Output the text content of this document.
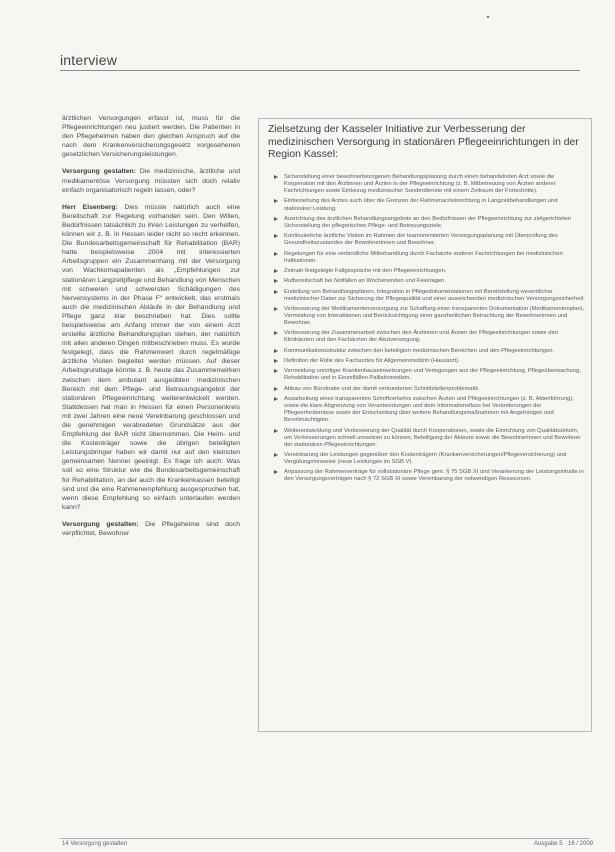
interview

ärztlichen Versorgungen erfasst ist, muss für die Pflegeeinrichtungen neu justiert werden. Die Patienten in den Pflegeheimen haben den gleichen Anspruch auf die nach dem Krankenversicherungsgesetz vorgesehenen gesetzlichen Versicherungsleistungen.

Versorgung gestalten: Die medizinische, ärztliche und medikamentöse Versorgung müssten sich doch relativ einfach organisatorisch regeln lassen, oder?

Herr Eisenberg: Dies müsste natürlich auch eine Bereitschaft zur Regelung vorhanden sein. Den Willen, Bedürfnissen tatsächlich zu ihren Leistungen zu verhelfen, können wir z. B. in Hessen leider nicht so recht erkennen. Die Bundesarbeitsgemeinschaft für Rehabilitation (BAR) hatte beispielsweise 2004 mit interessierten Arbeitsgruppen ein Zusammenhang mit der Versorgung von Wachkomapatienten als „Empfehlungen zur stationären Langzeitpflege und Behandlung von Menschen mit schweren und schwersten Schädigungen des Nervensystems in der Phase F“ entwickelt, das erstmals auch die medizinischen Abläufe in der Behandlung und Pflege ganz klar beschrieben hat. Dies sollte beispielsweise am Anfang immer der von einem Arzt erstellte ärztliche Behandlungsplan stehen, der natürlich mit allen anderen Dingen mitbeschrieben muss. Es wurde festgelegt, dass die Rahmenwert durch regelmäßige ärztliche Visiten begleitet werden müssen. Auf dieser Arbeitsgrundlage könnte z. B. heute das Zusammenwirken zwischen dem ambulant ausgeübten medizinischen Bereich mit dem Pflege- und Betreuungsangebot der stationären Pflegeeinrichtung weiterentwickelt werden. Stattdessen hat man in Hessen für einen Personenkreis mit zwei Jahren eine neue Vereinbarung geschlossen und die genehmigen verabredeten Grundsätze aus der Empfehlung der BAR nicht übernommen. Die Heim- und die Kostenträger sowie die übrigen beteiligten Leistungsbringer haben wir damit nur auf den kleinsten gemeinsamen Nenner geeinigt. Es frage ich auch: Was soll so eine Struktur wie die Bundesarbeitsgemeinschaft für Rehabilitation, an der auch die Krankenkassen beteiligt sind und die eine Rahmenempfehlung ausgesprochen hat, wenn diese Empfehlung so einfach unterlaufen werden kann?

Versorgung gestalten: Die Pflegeheime sind doch verpflichtet, Bewohner

Zielsetzung der Kasseler Initiative zur Verbesserung der medizinischen Versorgung in stationären Pflegeeinrichtungen in der Region Kassel:
Sicherstellung einer bewohnerbezogenen Behandlungsplanung durch einen behandelnden Arzt sowie die Kooperation mit den Ärztinnen und Ärzten in der Pflegeeinrichtung (z. B. Mitbetreuung von Ärzten anderer Fachrichtungen sowie Einbezug medizinischer Sonderdienste mit einem Zeitraum der Fortschritte).
Einbeziehung des Arztes auch über die Grenzen der Rahmenarzteinrichtung in Langzeitbehandlungen und stationärer Leistung.
Ausrichtung des ärztlichen Behandlungsangebots an den Bedürfnissen der Pflegeeinrichtung zur zielgerichteten Sicherstellung der pflegerischen Pflege- und Betreuungsziele.
Kontinuierliche ärztliche Visiten im Rahmen der teamorientierten Versorgungsplanung mit Überprüfung des Gesundheitszustandes der Bewohnerinnen und Bewohner.
Regelungen für eine verbindliche Mitbehandlung durch Fachärzte anderer Fachrichtungen bei medizinischen Indikationen.
Zeitnah festgelegte Fallgespräche mit den Pflegeeinrichtungen.
Rufbereitschaft bei Notfällen an Wochenenden und Feiertagen.
Erstellung von Behandlungsplänen, Integration in Pflegedokumentationen mit Bereitstellung wesentlicher medizinischer Daten zur Sicherung der Pflegequalität und einer ausreichenden medizinischen Versorgungssicherheit.
Verbesserung der Medikamentenversorgung zur Schaffung einer transparenten Dokumentation (Medikamentenplan), Vermeidung von Interaktionen und Berücksichtigung einer ganzheitlichen Betrachtung der Bewohnerinnen und Bewohner.
Verbesserung der Zusammenarbeit zwischen den Ärztinnen und Ärzten der Pflegeeinrichtungen sowie den Klinikärzten und den Fachärzten der Akutversorgung.
Kommunikationsstruktur zwischen den beteiligten medizinischen Bereichen und den Pflegeeinrichtungen.
Definition der Rolle des Facharztes für Allgemeinmedizin (Hausarzt).
Vermeidung unnötiger Krankenhauseinweisungen und Verlegungen aus der Pflegeeinrichtung, Pflegeüberwachung, Rehabilitation und in Einzelfällen Palliativmedizin.
Abbau von Bürokratie und der damit verbundenen Schnittstellenproblematik.
Ausarbeitung eines transparenten Schriftverkehrs zwischen Ärzten und Pflegeeinrichtungen (z. B. Aktenführung), sowie die klare Abgrenzung von Verantwortungen und dem Informationsfluss bei Veränderungen der Pflegeerfordernisse sowie der Entscheidung über weitere Behandlungsmaßnahmen mit Angehörigen und Bevollmächtigten.
Weiterentwicklung und Verbesserung der Qualität durch Kooperationen, sowie die Einrichtung von Qualitätszirkeln, um Verbesserungen schnell umsetzen zu können, Beteiligung der Akteure sowie die Bewohnerinnen und Bewohner der stationären Pflegeeinrichtungen.
Vereinbarung der Leistungen gegenüber den Kostenträgern (Krankenversicherungen/Pflegeversicherung) und Vergütungshinweise (neue Leistungen im SGB V).
Anpassung der Rahmenverträge für vollstationäre Pflege gem. § 75 SGB XI und Verankerung der Leistungsinhalte in den Versorgungsverträgen nach § 72 SGB XI sowie Vereinbarung der notwendigen Ressourcen.
14 Versorgung gestalten	Ausgabe 5 · 16 / 2009
